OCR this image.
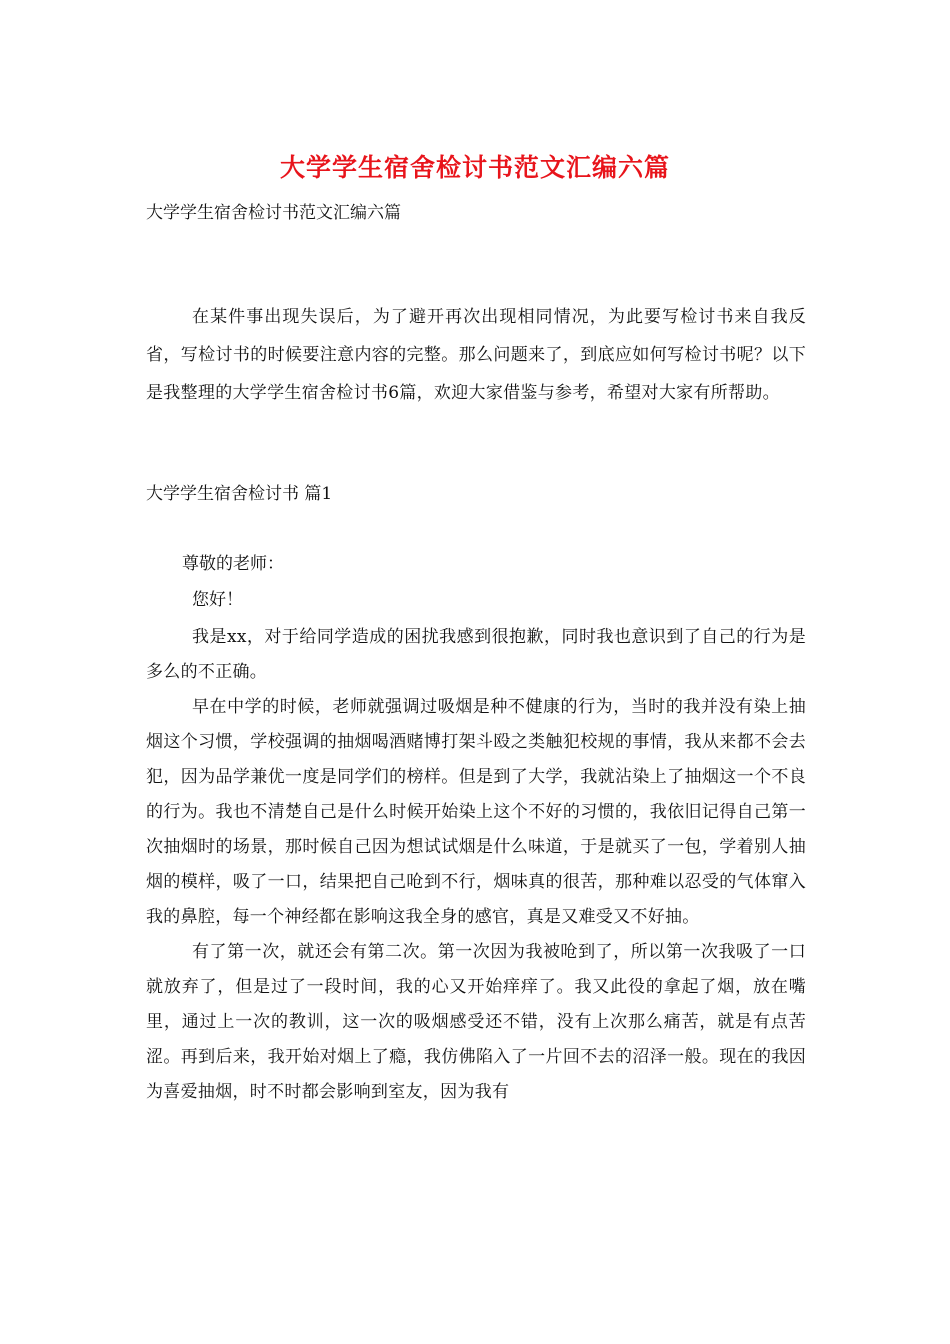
大学学生宿舍检讨书范文汇编六篇
大学学生宿舍检讨书范文汇编六篇

在某件事出现失误后，为了避开再次出现相同情况，为此要写检讨书来自我反省，写检讨书的时候要注意内容的完整。那么问题来了，到底应如何写检讨书呢？以下是我整理的大学学生宿舍检讨书6篇，欢迎大家借鉴与参考，希望对大家有所帮助。

大学学生宿舍检讨书 篇1
尊敬的老师：
您好！

我是xx，对于给同学造成的困扰我感到很抱歉，同时我也意识到了自己的行为是多么的不正确。

早在中学的时候，老师就强调过吸烟是种不健康的行为，当时的我并没有染上抽烟这个习惯，学校强调的抽烟喝酒赌博打架斗殴之类触犯校规的事情，我从来都不会去犯，因为品学兼优一度是同学们的榜样。但是到了大学，我就沾染上了抽烟这一个不良的行为。我也不清楚自己是什么时候开始染上这个不好的习惯的，我依旧记得自己第一次抽烟时的场景，那时候自己因为想试试烟是什么味道，于是就买了一包，学着别人抽烟的模样，吸了一口，结果把自己呛到不行，烟味真的很苦，那种难以忍受的气体窜入我的鼻腔，每一个神经都在影响这我全身的感官，真是又难受又不好抽。

有了第一次，就还会有第二次。第一次因为我被呛到了，所以第一次我吸了一口就放弃了，但是过了一段时间，我的心又开始痒痒了。我又此役的拿起了烟，放在嘴里，通过上一次的教训，这一次的吸烟感受还不错，没有上次那么痛苦，就是有点苦涩。再到后来，我开始对烟上了瘾，我仿佛陷入了一片回不去的沼泽一般。现在的我因为喜爱抽烟，时不时都会影响到室友，因为我有
